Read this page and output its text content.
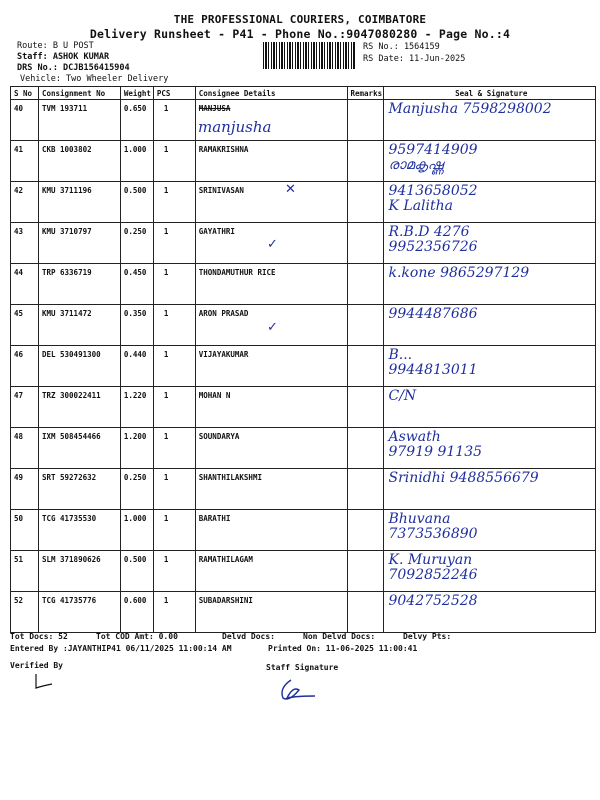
THE PROFESSIONAL COURIERS, COIMBATORE
Delivery Runsheet - P41 - Phone No.:9047080280 - Page No.:4
Route: B U POST
Staff: ASHOK KUMAR
DRS No.: DCJB156415904
Vehicle: Two Wheeler Delivery
RS No.: 1564159
RS Date: 11-Jun-2025
S No	Consignment No	Weight	PCS	Consignee Details	Remarks	Seal & Signature
40	TVM 193711	0.650	1	MANJUSA		Manjusha 7598298002

41	CKB 1003802	1.000	1	RAMAKRISHNA		9597414909
രാമകൃഷ്ണ

42	KMU 3711196	0.500	1	SRINIVASAN		9413658052
K Lalitha

43	KMU 3710797	0.250	1	GAYATHRI		R.B.D 4276
9952356726

44	TRP 6336719	0.450	1	THONDAMUTHUR RICE		k.kone 9865297129

45	KMU 3711472	0.350	1	ARON PRASAD		9944487686

46	DEL 530491300	0.440	1	VIJAYAKUMAR		B...
9944813011

47	TRZ 300022411	1.220	1	MOHAN N		C/N

48	IXM 508454466	1.200	1	SOUNDARYA		Aswath
97919 91135

49	SRT 59272632	0.250	1	SHANTHILAKSHMI		Srinidhi 9488556679

50	TCG 41735530	1.000	1	BARATHI		Bhuvana
7373536890

51	SLM 371890626	0.500	1	RAMATHILAGAM		K. Muruyan
7092852246

52	TCG 41735776	0.600	1	SUBADARSHINI		9042752528
manjusha
✕
✓
✓
Tot Docs: 52	Tot COD Amt: 0.00	Delvd Docs:	Non Delvd Docs:	Delvy Pts:
Entered By :JAYANTHIP41 06/11/2025 11:00:14 AM	Printed On: 11-06-2025 11:00:41
Verified By	Staff Signature
